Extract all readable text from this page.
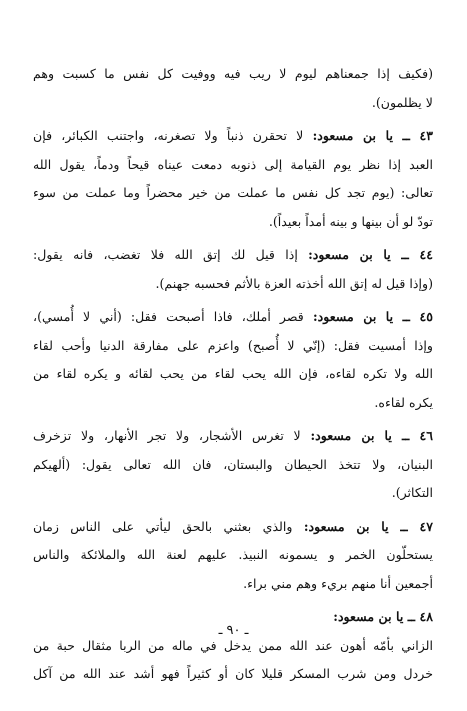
(فكيف إذا جمعناهم ليوم لا ريب فيه ووفيت كل نفس ما كسبت وهم
لا يظلمون).
٤٣ ــ يا بن مسعود: لا تحقرن ذنباً ولا تصغرنه، واجتنب الكبائر، فإن
العبد إذا نظر يوم القيامة إلى ذنوبه دمعت عيناه قيحاً ودماً، يقول الله
تعالى: (يوم تجد كل نفس ما عملت من خير محضراً وما عملت من سوء
تودّ لو أن بينها و بينه أمداً بعيداً).
٤٤ ــ يا بن مسعود: إذا قيل لك إتق الله فلا تغضب، فانه يقول:
(وإذا قيل له إتق الله أخذته العزة بالأثم فحسبه جهنم).
٤٥ ــ يا بن مسعود: قصر أملك، فاذا أصبحت فقل: (أني لا أُمسي)،
وإذا أمسيت فقل: (إنّي لا أُصبح) واعزم على مفارقة الدنيا وأحب لقاء
الله ولا تكره لقاءه، فإن الله يحب لقاء من يحب لقائه و يكره لقاء من
يكره لقاءه.
٤٦ ــ يا بن مسعود: لا تغرس الأشجار، ولا تجر الأنهار، ولا تزخرف
البنيان، ولا تتخذ الحيطان والبستان، فان الله تعالى يقول: (ألهيكم
التكاثر).
٤٧ ــ يا بن مسعود: والذي بعثني بالحق ليأتي على الناس زمان
يستحلّون الخمر و يسمونه النبيذ. عليهم لعنة الله والملائكة والناس
أجمعين أنا منهم بريء وهم مني براء.
٤٨ ــ يا بن مسعود:
الزاني بأمّه أهون عند الله ممن يدخل في ماله من الربا مثقال حبة من
خردل ومن شرب المسكر قليلا كان أو كثيراً فهو أشد عند الله من آكل
ـ ٩٠ ـ
